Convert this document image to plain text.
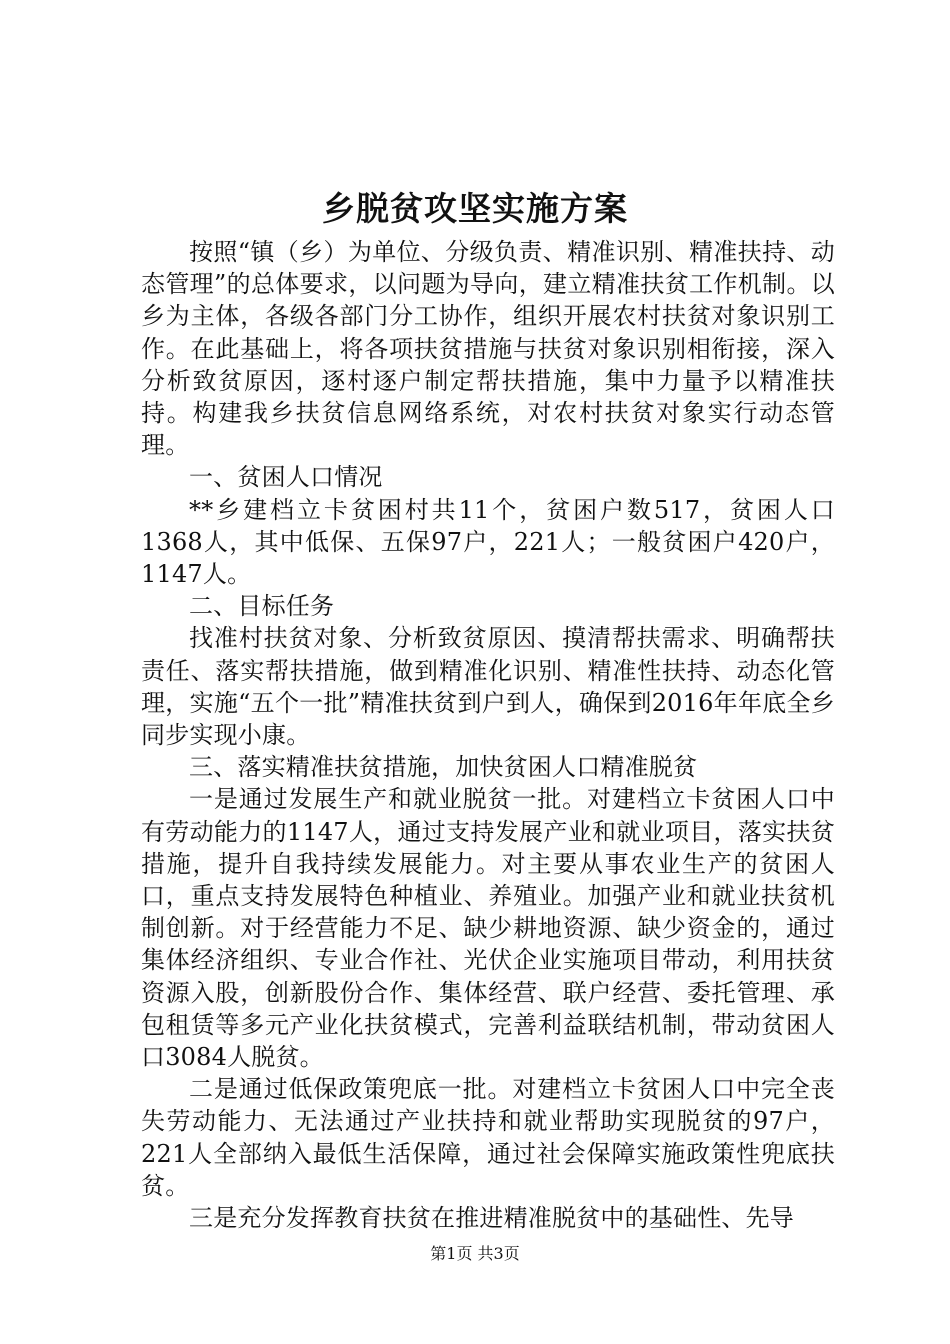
乡脱贫攻坚实施方案

按照“镇（乡）为单位、分级负责、精准识别、精准扶持、动态管理”的总体要求，以问题为导向，建立精准扶贫工作机制。以乡为主体，各级各部门分工协作，组织开展农村扶贫对象识别工作。在此基础上，将各项扶贫措施与扶贫对象识别相衔接，深入分析致贫原因，逐村逐户制定帮扶措施，集中力量予以精准扶持。构建我乡扶贫信息网络系统，对农村扶贫对象实行动态管理。

一、贫困人口情况

**乡建档立卡贫困村共11个，贫困户数517，贫困人口1368人，其中低保、五保97户，221人；一般贫困户420户，1147人。

二、目标任务

找准村扶贫对象、分析致贫原因、摸清帮扶需求、明确帮扶责任、落实帮扶措施，做到精准化识别、精准性扶持、动态化管理，实施“五个一批”精准扶贫到户到人，确保到2016年年底全乡同步实现小康。

三、落实精准扶贫措施，加快贫困人口精准脱贫

一是通过发展生产和就业脱贫一批。对建档立卡贫困人口中有劳动能力的1147人，通过支持发展产业和就业项目，落实扶贫措施，提升自我持续发展能力。对主要从事农业生产的贫困人口，重点支持发展特色种植业、养殖业。加强产业和就业扶贫机制创新。对于经营能力不足、缺少耕地资源、缺少资金的，通过集体经济组织、专业合作社、光伏企业实施项目带动，利用扶贫资源入股，创新股份合作、集体经营、联户经营、委托管理、承包租赁等多元产业化扶贫模式，完善利益联结机制，带动贫困人口3084人脱贫。

二是通过低保政策兜底一批。对建档立卡贫困人口中完全丧失劳动能力、无法通过产业扶持和就业帮助实现脱贫的97户，221人全部纳入最低生活保障，通过社会保障实施政策性兜底扶贫。

三是充分发挥教育扶贫在推进精准脱贫中的基础性、先导

第1页 共3页
